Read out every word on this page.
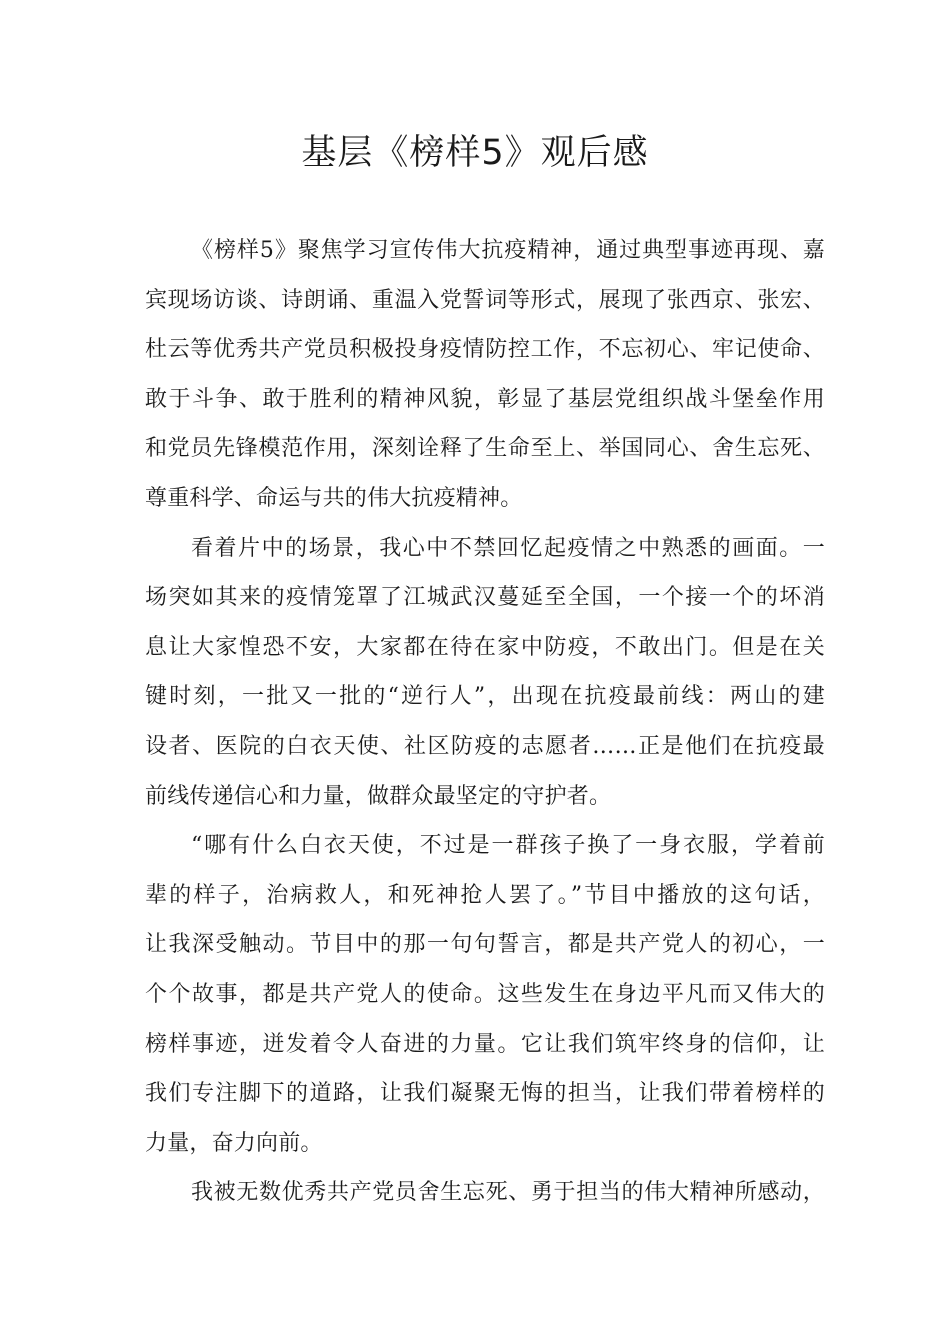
基层《榜样5》观后感
《榜样5》聚焦学习宣传伟大抗疫精神，通过典型事迹再现、嘉
宾现场访谈、诗朗诵、重温入党誓词等形式，展现了张西京、张宏、
杜云等优秀共产党员积极投身疫情防控工作，不忘初心、牢记使命、
敢于斗争、敢于胜利的精神风貌，彰显了基层党组织战斗堡垒作用
和党员先锋模范作用，深刻诠释了生命至上、举国同心、舍生忘死、
尊重科学、命运与共的伟大抗疫精神。
看着片中的场景，我心中不禁回忆起疫情之中熟悉的画面。一
场突如其来的疫情笼罩了江城武汉蔓延至全国，一个接一个的坏消
息让大家惶恐不安，大家都在待在家中防疫，不敢出门。但是在关
键时刻，一批又一批的“逆行人”，出现在抗疫最前线：两山的建
设者、医院的白衣天使、社区防疫的志愿者……正是他们在抗疫最
前线传递信心和力量，做群众最坚定的守护者。
“哪有什么白衣天使，不过是一群孩子换了一身衣服，学着前
辈的样子，治病救人，和死神抢人罢了。”节目中播放的这句话，
让我深受触动。节目中的那一句句誓言，都是共产党人的初心，一
个个故事，都是共产党人的使命。这些发生在身边平凡而又伟大的
榜样事迹，迸发着令人奋进的力量。它让我们筑牢终身的信仰，让
我们专注脚下的道路，让我们凝聚无悔的担当，让我们带着榜样的
力量，奋力向前。
我被无数优秀共产党员舍生忘死、勇于担当的伟大精神所感动，
